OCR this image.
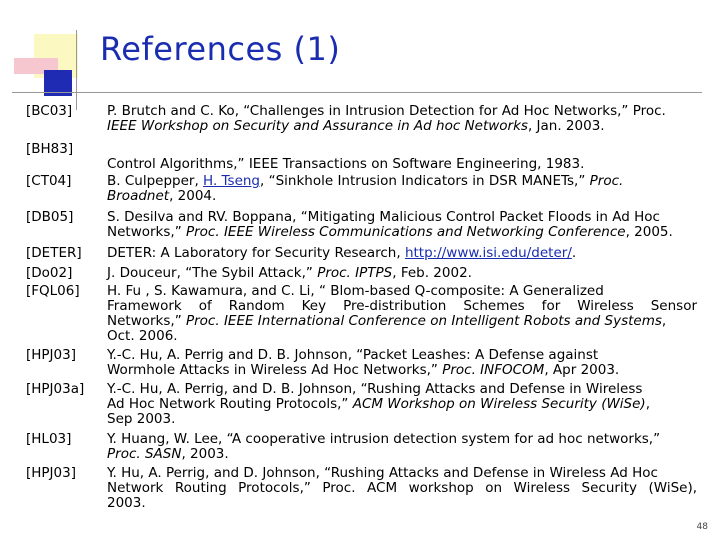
References (1)
[BC03]	P. Brutch and C. Ko, “Challenges in Intrusion Detection for Ad Hoc Networks,” Proc.
IEEE Workshop on Security and Assurance in Ad hoc Networks, Jan. 2003.
[BH83]
Control Algorithms,” IEEE Transactions on Software Engineering, 1983.
[CT04]	B. Culpepper, H. Tseng, “Sinkhole Intrusion Indicators in DSR MANETs,” Proc.
Broadnet, 2004.
[DB05] S. Desilva and RV. Boppana, “Mitigating Malicious Control Packet Floods in Ad Hoc
Networks,” Proc. IEEE Wireless Communications and Networking Conference, 2005.
[DETER] DETER: A Laboratory for Security Research, http://www.isi.edu/deter/.
[Do02]	J. Douceur, “The Sybil Attack,” Proc. IPTPS, Feb. 2002.
[FQL06] H. Fu , S. Kawamura, and C. Li, “ Blom-based Q-composite: A Generalized
Framework of Random Key Pre-distribution Schemes for Wireless Sensor
Networks,” Proc. IEEE International Conference on Intelligent Robots and Systems,
Oct. 2006.
[HPJ03] Y.-C. Hu, A. Perrig and D. B. Johnson, “Packet Leashes: A Defense against
Wormhole Attacks in Wireless Ad Hoc Networks,” Proc. INFOCOM, Apr 2003.
[HPJ03a] Y.-C. Hu, A. Perrig, and D. B. Johnson, “Rushing Attacks and Defense in Wireless
Ad Hoc Network Routing Protocols,” ACM Workshop on Wireless Security (WiSe),
Sep 2003.
[HL03]	Y. Huang, W. Lee, “A cooperative intrusion detection system for ad hoc networks,”
Proc. SASN, 2003.
[HPJ03] Y. Hu, A. Perrig, and D. Johnson, “Rushing Attacks and Defense in Wireless Ad Hoc
Network Routing Protocols,” Proc. ACM workshop on Wireless Security (WiSe),
2003.
48
